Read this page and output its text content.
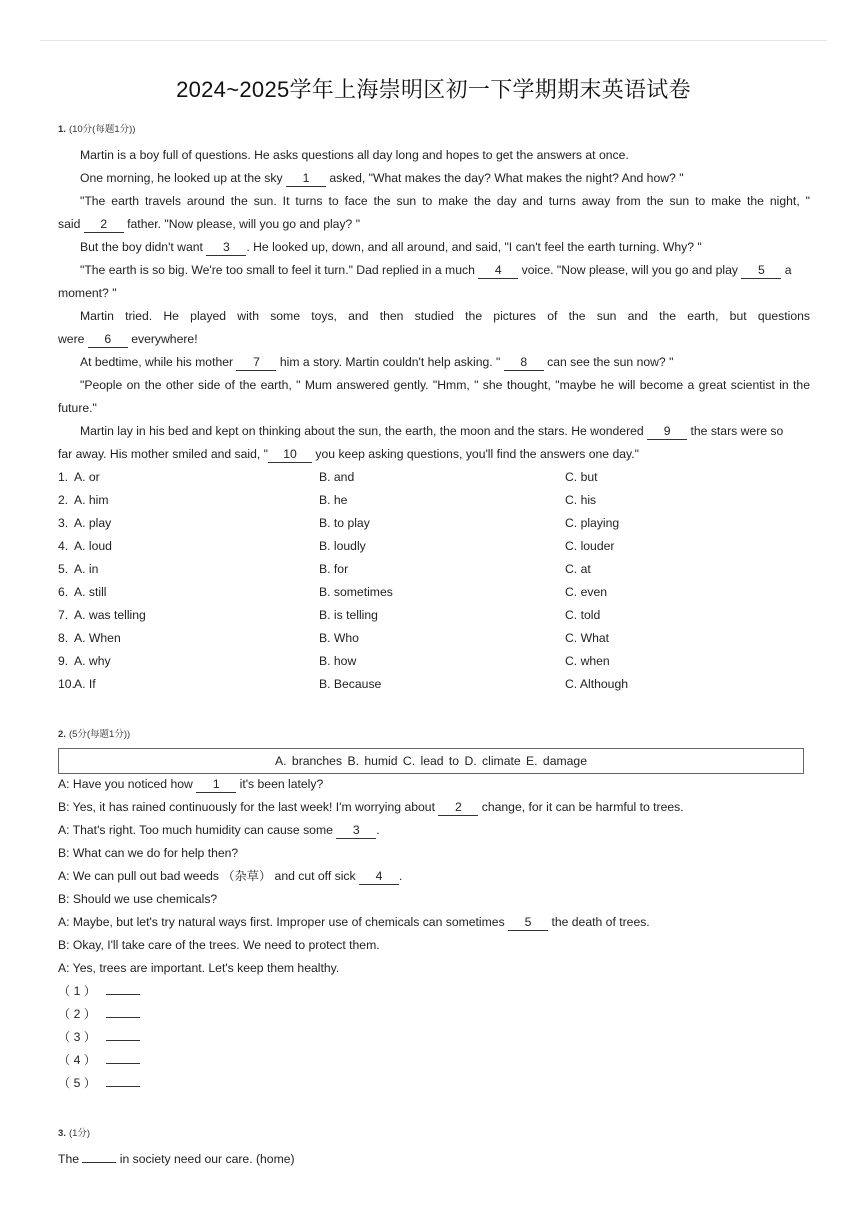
2024~2025学年上海崇明区初一下学期期末英语试卷
1. (10分(每题1分))
Martin is a boy full of questions. He asks questions all day long and hopes to get the answers at once.
One morning, he looked up at the sky 1 asked, "What makes the day? What makes the night? And how? "
"The earth travels around the sun. It turns to face the sun to make the day and turns away from the sun to make the night, "
said 2 father. "Now please, will you go and play? "
But the boy didn't want 3 . He looked up, down, and all around, and said, "I can't feel the earth turning. Why? "
"The earth is so big. We're too small to feel it turn." Dad replied in a much 4 voice. "Now please, will you go and play 5 a
moment? "
Martin tried. He played with some toys, and then studied the pictures of the sun and the earth, but questions
were 6 everywhere!
At bedtime, while his mother 7 him a story. Martin couldn't help asking. " 8 can see the sun now? "
"People on the other side of the earth, " Mum answered gently. "Hmm, " she thought, "maybe he will become a great scientist in the
future."
Martin lay in his bed and kept on thinking about the sun, the earth, the moon and the stars. He wondered 9 the stars were so
far away. His mother smiled and said, " 10 you keep asking questions, you'll find the answers one day."
1. A. or	B. and	C. but
2. A. him	B. he	C. his
3. A. play	B. to play	C. playing
4. A. loud	B. loudly	C. louder
5. A. in	B. for	C. at
6. A. still	B. sometimes	C. even
7. A. was telling	B. is telling	C. told
8. A. When	B. Who	C. What
9. A. why	B. how	C. when
10. A. If	B. Because	C. Although
2. (5分(每题1分))
A. branches B. humid C. lead to D. climate E. damage
A: Have you noticed how 1 it's been lately?
B: Yes, it has rained continuously for the last week! I'm worrying about 2 change, for it can be harmful to trees.
A: That's right. Too much humidity can cause some 3 .
B: What can we do for help then?
A: We can pull out bad weeds （杂草） and cut off sick 4 .
B: Should we use chemicals?
A: Maybe, but let's try natural ways first. Improper use of chemicals can sometimes 5 the death of trees.
B: Okay, I'll take care of the trees. We need to protect them.
A: Yes, trees are important. Let's keep them healthy.
（ 1 ）
（ 2 ）
（ 3 ）
（ 4 ）
（ 5 ）
3. (1分)
The	in society need our care. (home)
